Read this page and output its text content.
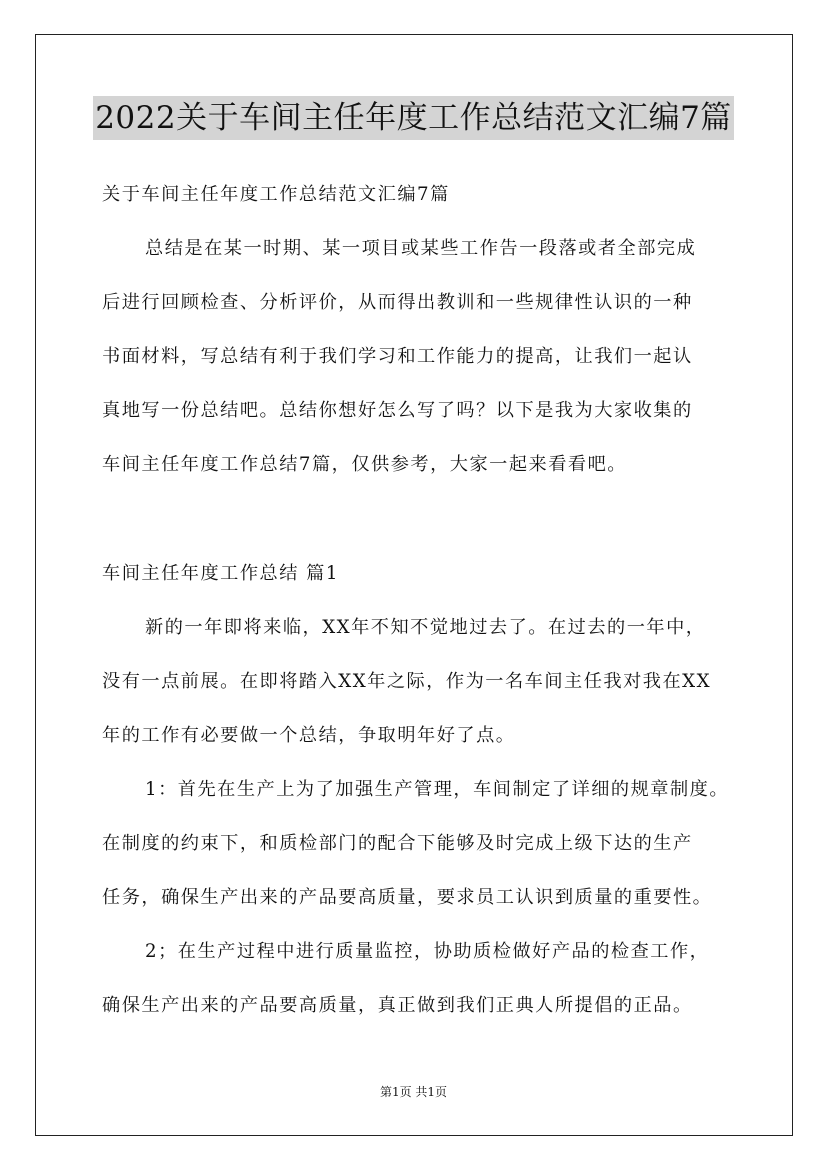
2022关于车间主任年度工作总结范文汇编7篇
关于车间主任年度工作总结范文汇编7篇
总结是在某一时期、某一项目或某些工作告一段落或者全部完成
后进行回顾检查、分析评价，从而得出教训和一些规律性认识的一种
书面材料，写总结有利于我们学习和工作能力的提高，让我们一起认
真地写一份总结吧。总结你想好怎么写了吗？以下是我为大家收集的
车间主任年度工作总结7篇，仅供参考，大家一起来看看吧。
车间主任年度工作总结 篇1
新的一年即将来临，XX年不知不觉地过去了。在过去的一年中，
没有一点前展。在即将踏入XX年之际，作为一名车间主任我对我在XX
年的工作有必要做一个总结，争取明年好了点。
1：首先在生产上为了加强生产管理，车间制定了详细的规章制度。
在制度的约束下，和质检部门的配合下能够及时完成上级下达的生产
任务，确保生产出来的产品要高质量，要求员工认识到质量的重要性。
2；在生产过程中进行质量监控，协助质检做好产品的检查工作，
确保生产出来的产品要高质量，真正做到我们正典人所提倡的正品。
第1页 共1页
